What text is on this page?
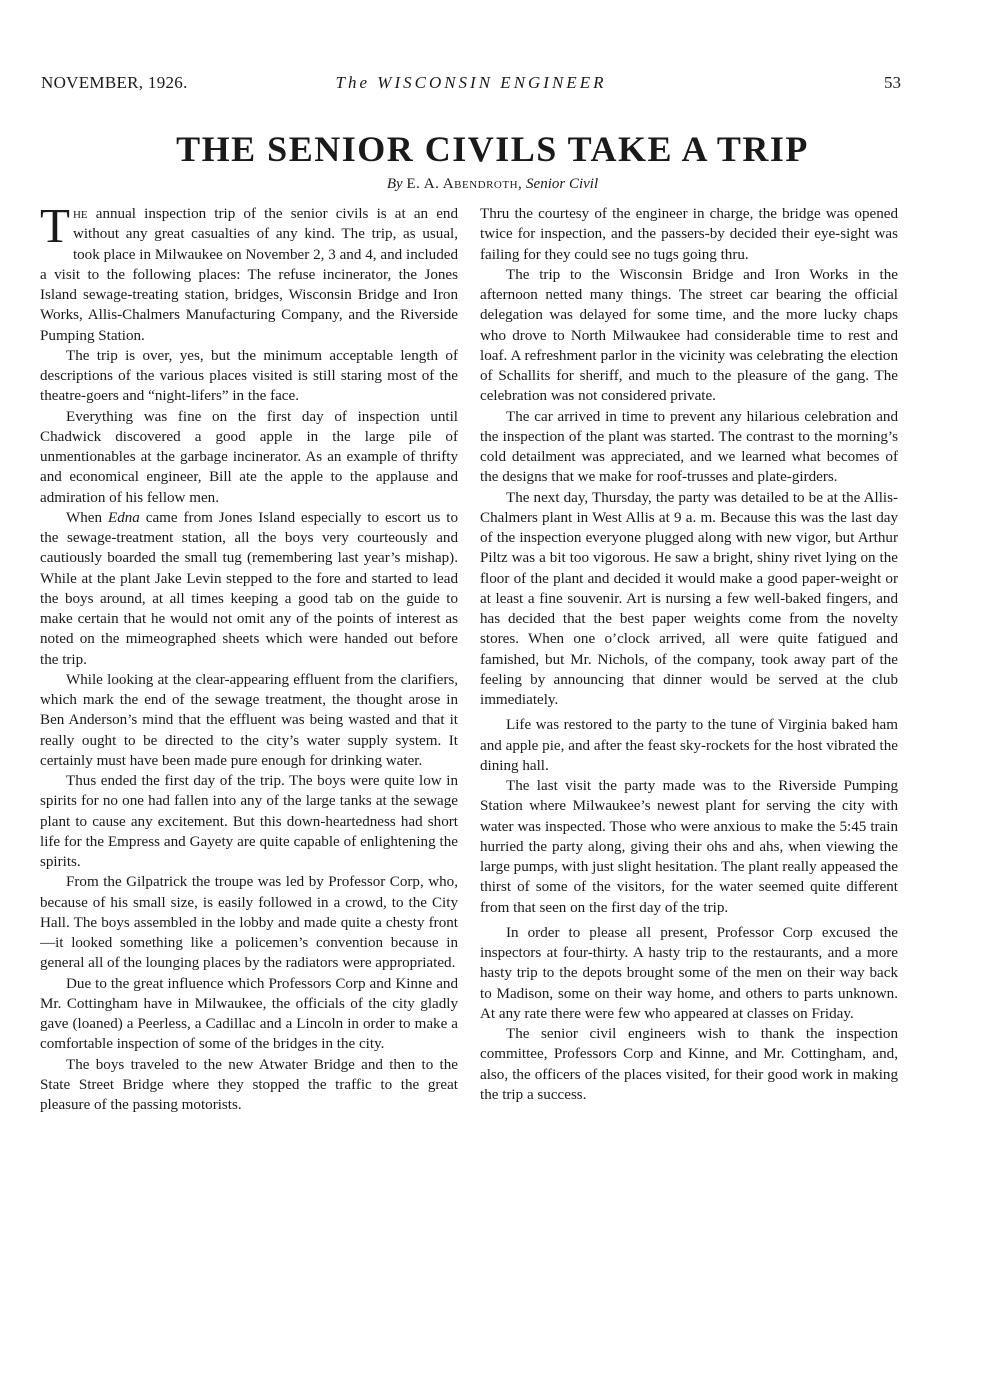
NOVEMBER, 1926.	The WISCONSIN ENGINEER	53
THE SENIOR CIVILS TAKE A TRIP
By E. A. Abendroth, Senior Civil

The annual inspection trip of the senior civils is at an end without any great casualties of any kind. The trip, as usual, took place in Milwaukee on November 2, 3 and 4, and included a visit to the following places: The refuse incinerator, the Jones Island sewage-treating station, bridges, Wisconsin Bridge and Iron Works, Allis-Chalmers Manufacturing Company, and the Riverside Pumping Station.

The trip is over, yes, but the minimum acceptable length of descriptions of the various places visited is still staring most of the theatre-goers and “night-lifers” in the face.

Everything was fine on the first day of inspection until Chadwick discovered a good apple in the large pile of unmentionables at the garbage incinerator. As an example of thrifty and economical engineer, Bill ate the apple to the applause and admiration of his fellow men.

When Edna came from Jones Island especially to escort us to the sewage-treatment station, all the boys very courteously and cautiously boarded the small tug (remembering last year’s mishap). While at the plant Jake Levin stepped to the fore and started to lead the boys around, at all times keeping a good tab on the guide to make certain that he would not omit any of the points of interest as noted on the mimeographed sheets which were handed out before the trip.

While looking at the clear-appearing effluent from the clarifiers, which mark the end of the sewage treatment, the thought arose in Ben Anderson’s mind that the effluent was being wasted and that it really ought to be directed to the city’s water supply system. It certainly must have been made pure enough for drinking water.

Thus ended the first day of the trip. The boys were quite low in spirits for no one had fallen into any of the large tanks at the sewage plant to cause any excitement. But this down-heartedness had short life for the Empress and Gayety are quite capable of enlightening the spirits.

From the Gilpatrick the troupe was led by Professor Corp, who, because of his small size, is easily followed in a crowd, to the City Hall. The boys assembled in the lobby and made quite a chesty front—it looked something like a policemen’s convention because in general all of the lounging places by the radiators were appropriated.

Due to the great influence which Professors Corp and Kinne and Mr. Cottingham have in Milwaukee, the officials of the city gladly gave (loaned) a Peerless, a Cadillac and a Lincoln in order to make a comfortable inspection of some of the bridges in the city.

The boys traveled to the new Atwater Bridge and then to the State Street Bridge where they stopped the traffic to the great pleasure of the passing motorists.

Thru the courtesy of the engineer in charge, the bridge was opened twice for inspection, and the passers-by decided their eye-sight was failing for they could see no tugs going thru.

The trip to the Wisconsin Bridge and Iron Works in the afternoon netted many things. The street car bearing the official delegation was delayed for some time, and the more lucky chaps who drove to North Milwaukee had considerable time to rest and loaf. A refreshment parlor in the vicinity was celebrating the election of Schallits for sheriff, and much to the pleasure of the gang. The celebration was not considered private.

The car arrived in time to prevent any hilarious celebration and the inspection of the plant was started. The contrast to the morning’s cold detailment was appreciated, and we learned what becomes of the designs that we make for roof-trusses and plate-girders.

The next day, Thursday, the party was detailed to be at the Allis-Chalmers plant in West Allis at 9 a. m. Because this was the last day of the inspection everyone plugged along with new vigor, but Arthur Piltz was a bit too vigorous. He saw a bright, shiny rivet lying on the floor of the plant and decided it would make a good paper-weight or at least a fine souvenir. Art is nursing a few well-baked fingers, and has decided that the best paper weights come from the novelty stores. When one o’clock arrived, all were quite fatigued and famished, but Mr. Nichols, of the company, took away part of the feeling by announcing that dinner would be served at the club immediately.

Life was restored to the party to the tune of Virginia baked ham and apple pie, and after the feast sky-rockets for the host vibrated the dining hall.

The last visit the party made was to the Riverside Pumping Station where Milwaukee’s newest plant for serving the city with water was inspected. Those who were anxious to make the 5:45 train hurried the party along, giving their ohs and ahs, when viewing the large pumps, with just slight hesitation. The plant really appeased the thirst of some of the visitors, for the water seemed quite different from that seen on the first day of the trip.

In order to please all present, Professor Corp excused the inspectors at four-thirty. A hasty trip to the restaurants, and a more hasty trip to the depots brought some of the men on their way back to Madison, some on their way home, and others to parts unknown. At any rate there were few who appeared at classes on Friday.

The senior civil engineers wish to thank the inspection committee, Professors Corp and Kinne, and Mr. Cottingham, and, also, the officers of the places visited, for their good work in making the trip a success.
